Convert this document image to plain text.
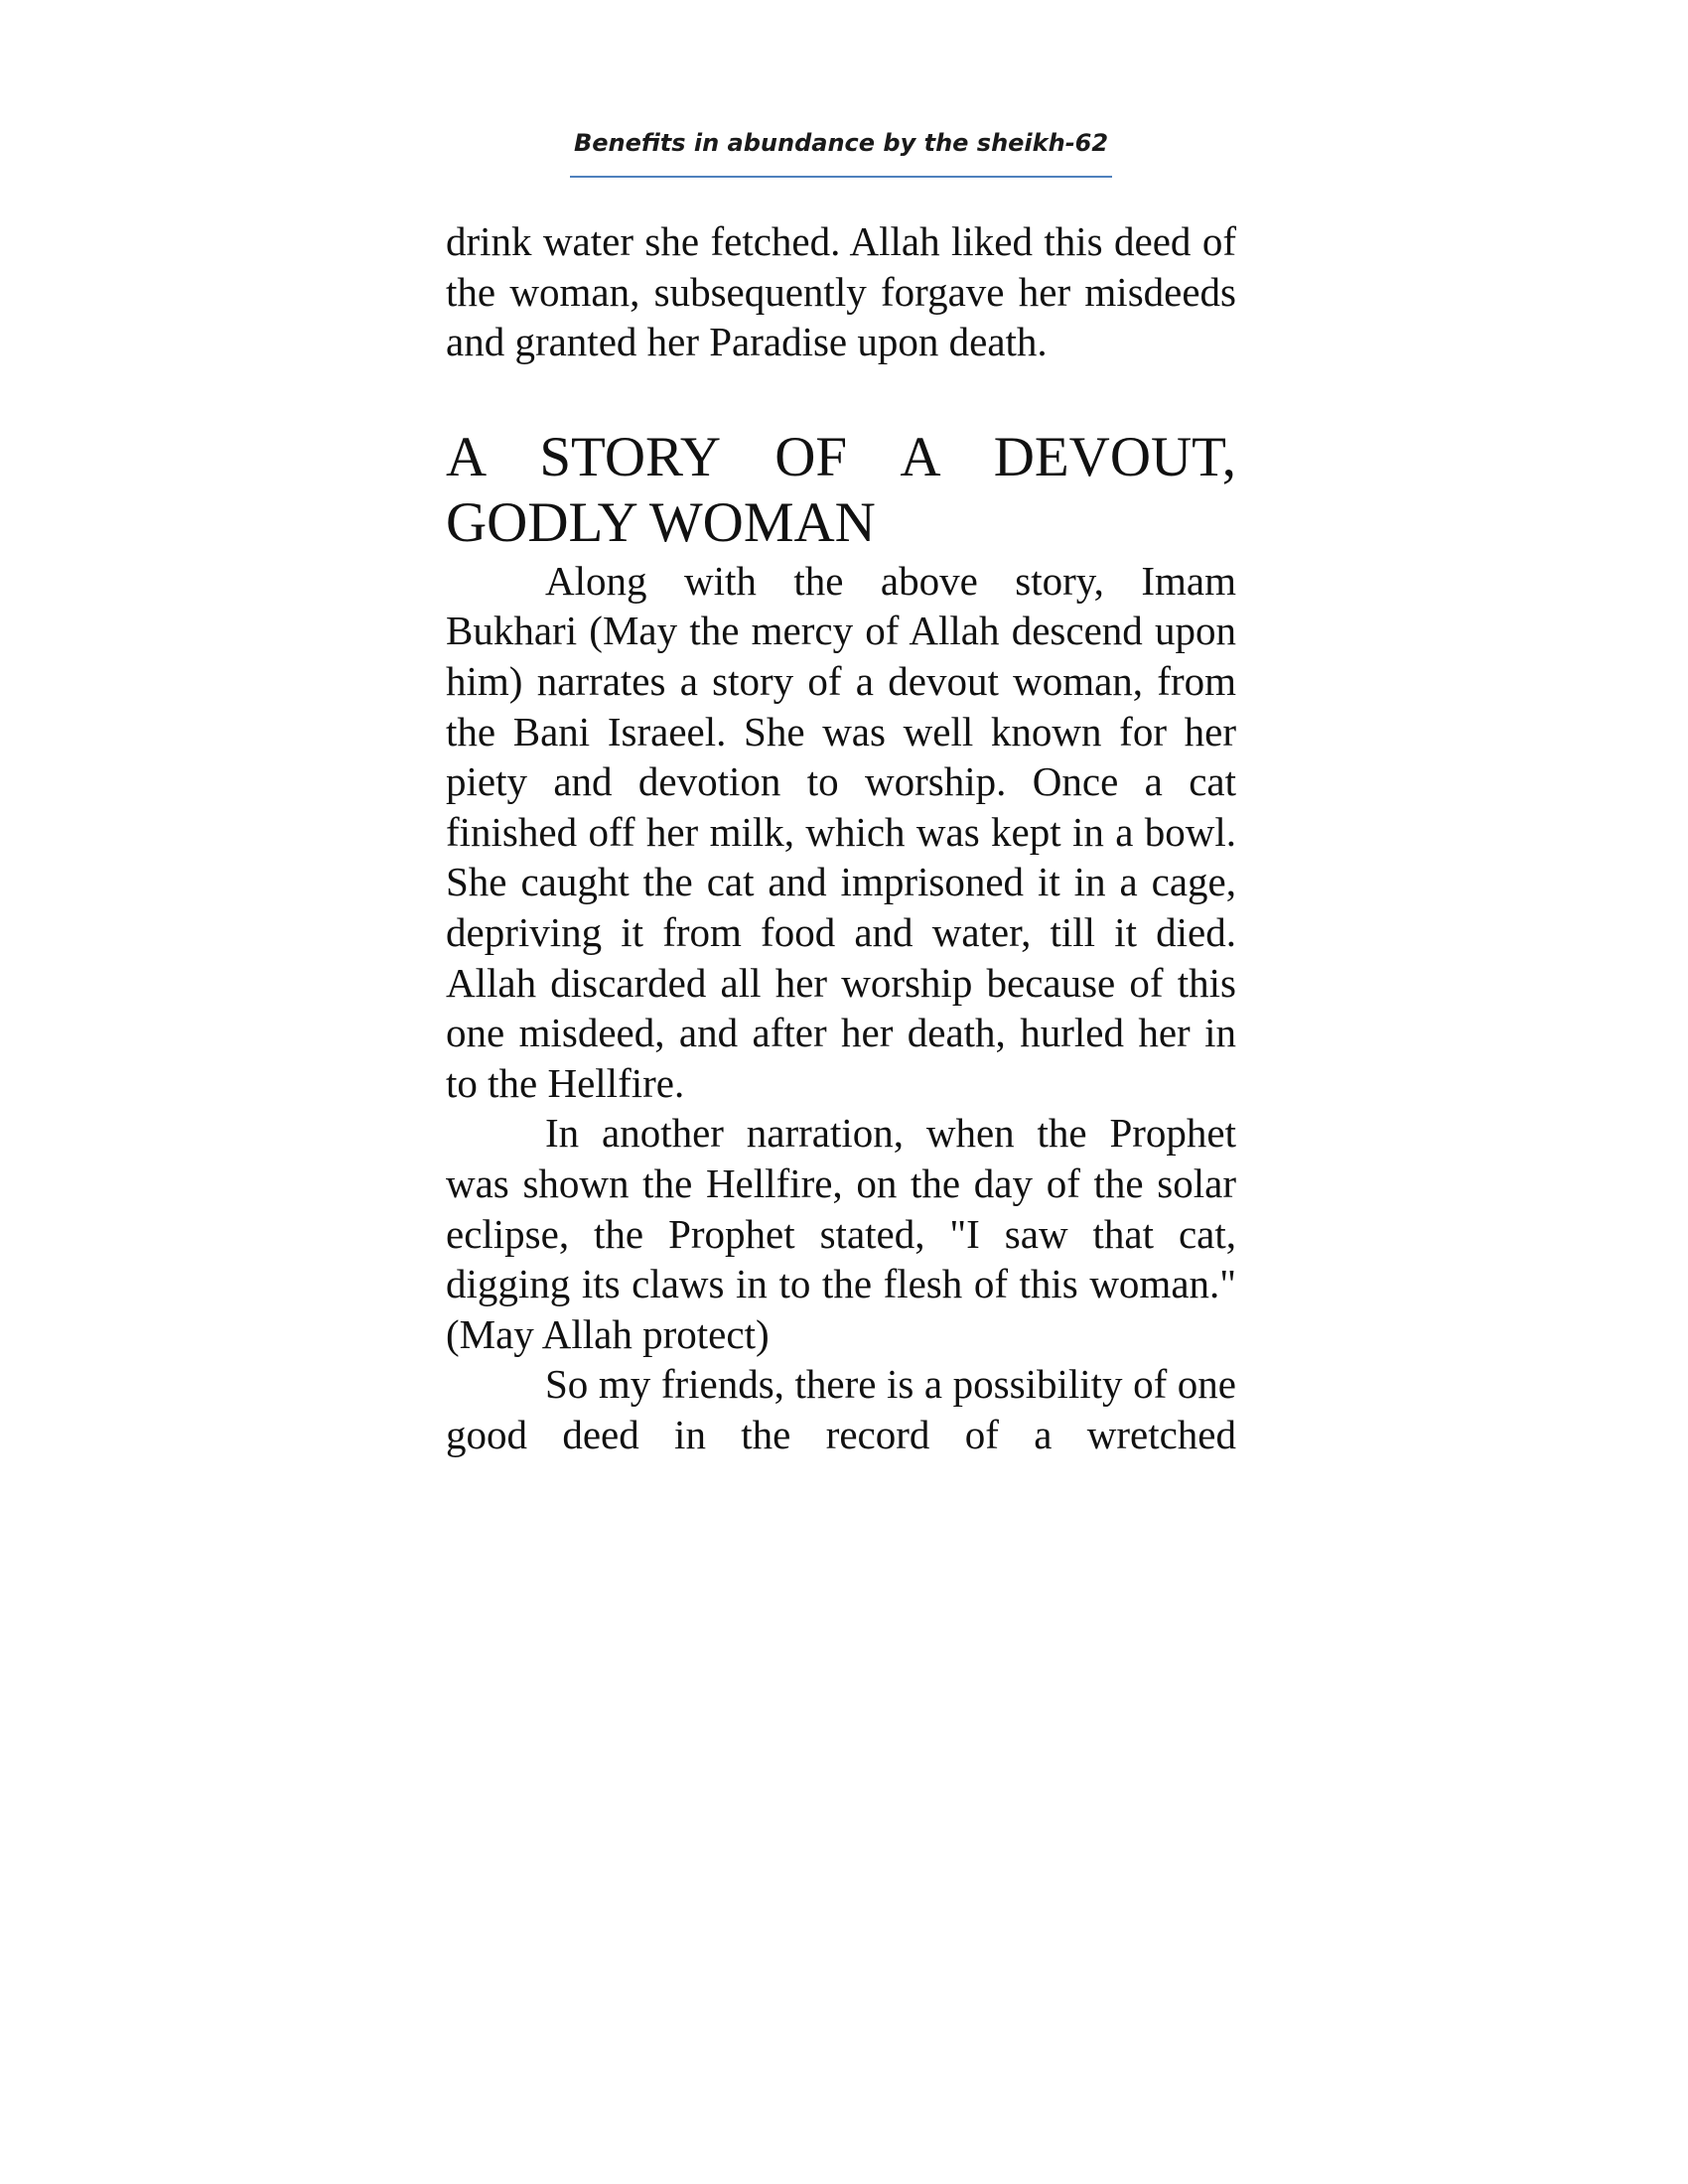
Benefits in abundance by the sheikh-62

drink water she fetched. Allah liked this deed of the woman, subsequently forgave her misdeeds and granted her Paradise upon death.

A STORY OF A DEVOUT, GODLY WOMAN

Along with the above story, Imam Bukhari (May the mercy of Allah descend upon him) narrates a story of a devout woman, from the Bani Israeel. She was well known for her piety and devotion to worship. Once a cat finished off her milk, which was kept in a bowl. She caught the cat and imprisoned it in a cage, depriving it from food and water, till it died. Allah discarded all her worship because of this one misdeed, and after her death, hurled her in to the Hellfire.

In another narration, when the Prophet was shown the Hellfire, on the day of the solar eclipse, the Prophet stated, "I saw that cat, digging its claws in to the flesh of this woman." (May Allah protect)

So my friends, there is a possibility of one good deed in the record of a wretched
